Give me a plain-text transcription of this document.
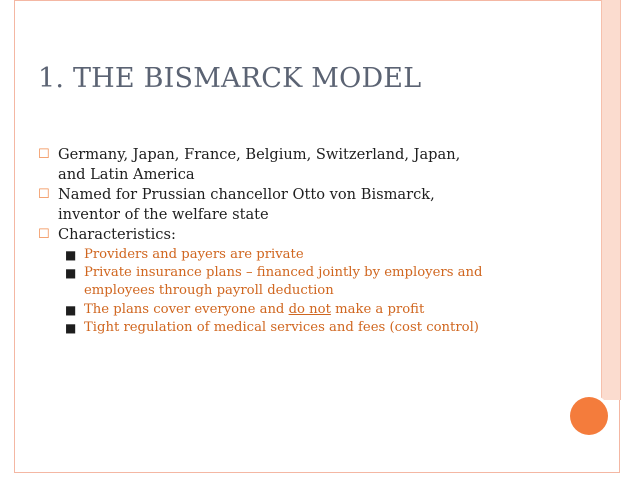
1. THE BISMARCK MODEL
☐ Germany, Japan, France, Belgium, Switzerland, Japan,
and Latin America
☐ Named for Prussian chancellor Otto von Bismarck,
inventor of the welfare state
☐ Characteristics:
■ Providers and payers are private
■ Private insurance plans – financed jointly by employers and
employees through payroll deduction
■ The plans cover everyone and do not make a profit
■ Tight regulation of medical services and fees (cost control)
